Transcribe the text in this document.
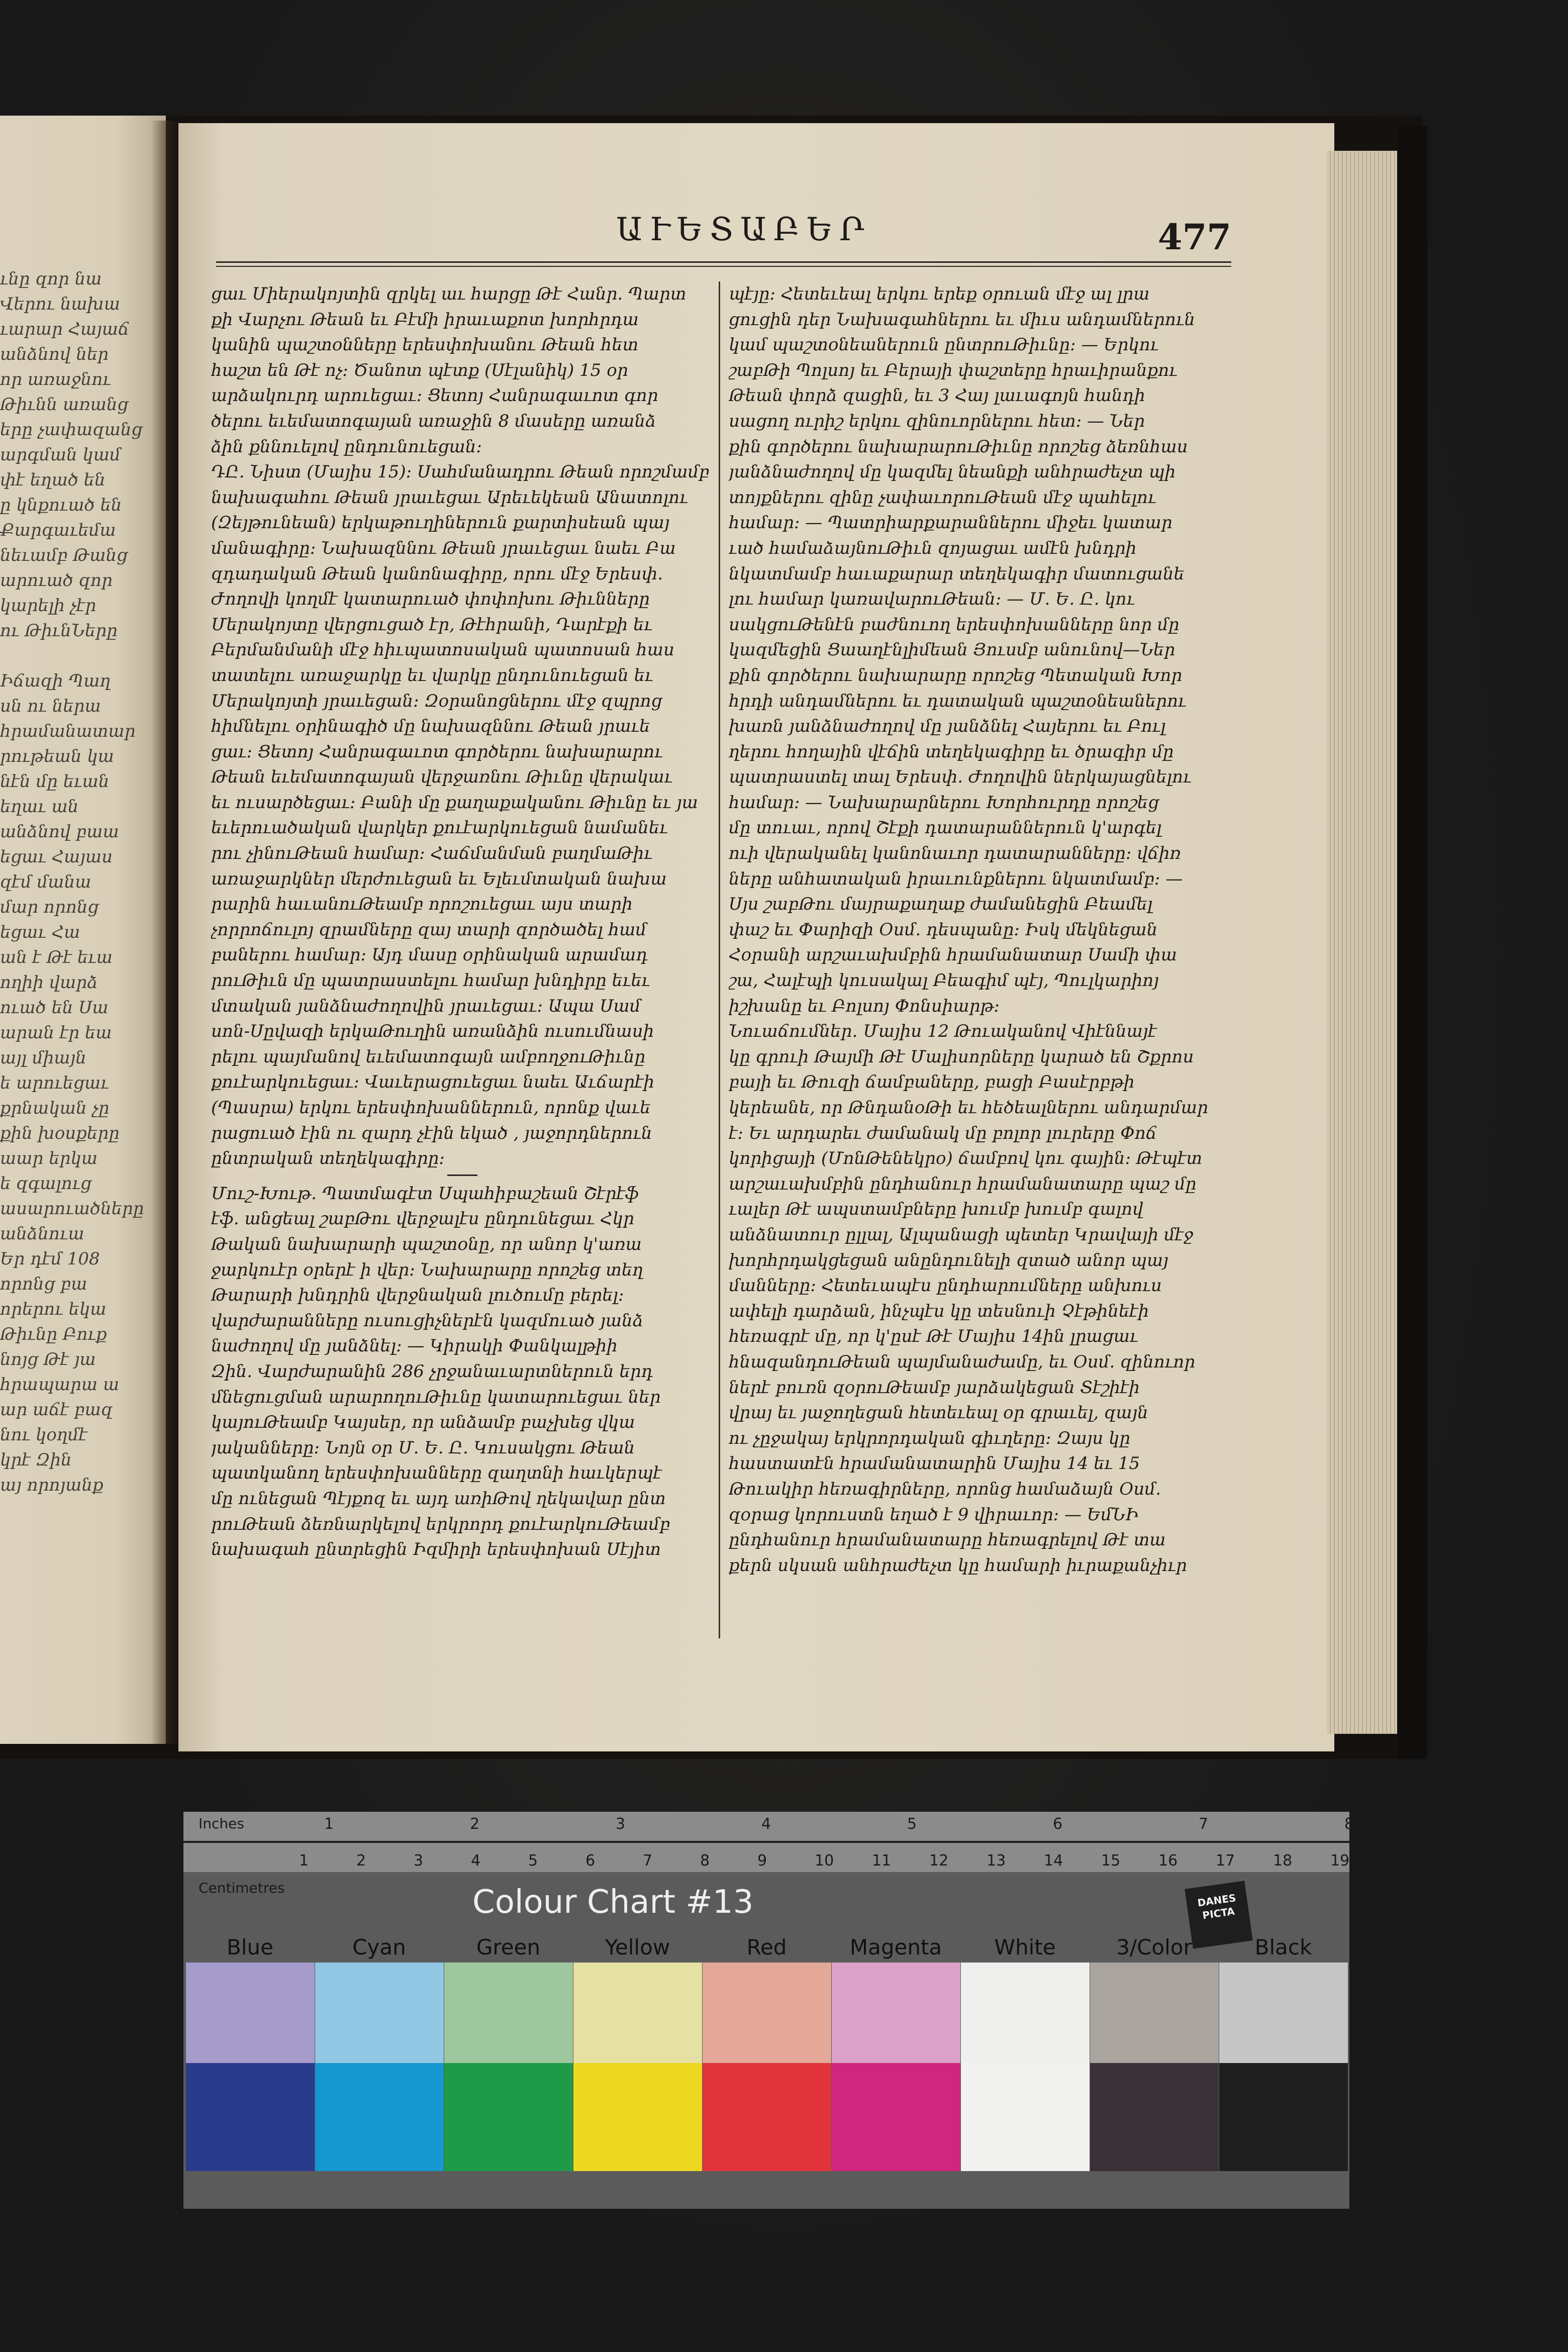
ւնը զոր նա
Վերու նախա
ւարար Հայաճ
անձնով ներ
որ առաջնու
Թիւնն առանց
երը չափազանց
արգման կամ
փէ եղած են
ը կնքուած են
Քարգաւեմա
նեւամբ Թանց
արուած զոր
կարելի չէր
ու ԹիւնՆերը

Իճազի Պաղ
սն ու ներա
հրամանատար
րութեան կա
նէն մը եւան
եղաւ ան
անձնով բաա
եցաւ Հայաս
զէմ մանա
մար որոնց
եցաւ Հա
ան է Թէ եւա
ողիի վարձ
ուած են Սա
արան էր եա
այլ միայն
ե արուեցաւ
քրնական չը
քին խօսքերը
աար երկա
ե զգալուց
ասարուածները
անձնուա
Եր դէմ 108
որոնց բա
որերու եկա
Թիւնը Բուք
նոյց Թէ յա
հրապարա ա
ար աճէ բազ
նու կօղմէ
կրէ Զին
այ որոյանք
ԱՒԵՏԱԲԵՐ	477

ցաւ Միերակոյտին զրկել աւ հարցը Թէ Հանր. Պարտ
քի Վարչու Թեան եւ Բէմի իրաւաքոտ խորհրդա
կանին պաշտօնները երեսփոխանու Թեան հետ
հաշտ են Թէ ոչ։ Ծանոտ պէտք (Սէլանիկ) 15 օր
արձակուրդ արուեցաւ։ Ցետոյ Հանրագաւոտ գոր
ծերու եւեմատոգայան առաջին 8 մասերը առանձ
ձին քննուելով ընդունուեցան։

ԴԸ. Նիստ (Մայիս 15)։ Սահմանադրու Թեան որոշմամբ
նախագահու Թեան յրաւեցաւ Արեւեկեան Անատոլու
(Զեյթունեան) երկաթուղիներուն քարտիսեան պայ
մանագիրը։ Նախազննու Թեան յրաւեցաւ նաեւ Բա
զդադական Թեան կանոնագիրը, որու մէջ Երեսփ.
Ժողովի կողմէ կատարուած փոփոխու Թիւնները
Մերակոյտը վերցուցած էր, Թէհրանի, Դարէքի եւ
Բերմանմանի մէջ հիւպատոսական պատոսան հաս
տատելու առաջարկը եւ վարկը ընդունուեցան եւ
Մերակոյտի յրաւեցան։ Զօրանոցներու մէջ զպրոց
հիմնելու օրինագիծ մը նախազննու Թեան յրաւե
ցաւ։ Ցետոյ Հանրագաւոտ գործերու նախարարու
Թեան եւեմատոգայան վերջառնու Թիւնը վերակաւ
եւ ուսարծեցաւ։ Բանի մը քաղաքականու Թիւնը եւ յա
եւերուածական վարկեր քուէարկուեցան նամանեւ
րու չինուԹեան համար։ Հաճմանման բաղմաԹիւ
առաջարկներ մերժուեցան եւ Ելեւմտական նախա
րարին հաւանուԹեամբ որոշուեցաւ այս տարի
չորրոճուլոյ զրամները զայ տարի զործածել համ
բաներու համար։ Այդ մասը օրինական արամադ
րուԹիւն մը պատրաստելու համար խնդիրը եւեւ
մտական յանձնաժողովին յրաւեցաւ։ Ապա Սամ
սոն-Սըվազի երկաԹուղին առանձին ուսումնասի
րելու պայմանով եւեմատոգայն ամբողջուԹիւնը
քուէարկուեցաւ։ Վաւերացուեցաւ նաեւ Աւճարէի
(Պասրա) երկու երեսփոխաններուն, որոնք վաւե
րացուած էին ու զարդ չէին եկած , յաջորդներուն
ընտրական տեղեկագիրը։

Մուշ-Խութ․ Պատմագէտ Սպահիբաշեան Շէրէֆ
էֆ. անցեալ շաբԹու վերջալէս ընդունեցաւ Հկր
Թական նախարարի պաշտօնը, որ անոր կ'առա
ջարկուէր օրերէ ի վեր։ Նախարարը որոշեց տեղ
Թարարի խնդրին վերջնական լուծումը բերել։
վարժարանները ուսուցիչներէն կազմուած յանձ
նաժողով մը յանձնել։ — Կիրակի Փանկալթիի
Զին. Վարժարանին 286 չրջանաւարտներուն երդ
մնեցուցման արարողուԹիւնը կատարուեցաւ ներ
կայուԹեամբ Կայսեր, որ անձամբ բաչխեց վկա
յականները։ Նոյն օր Մ. Ե. Ը. Կուսակցու Թեան
պատկանող երեսփոխանները զաղտնի հաւկերպէ
մը ունեցան Պէյքոզ եւ այդ առիԹով ղեկավար ընտ
րուԹեան ձեռնարկելով երկրորդ քուէարկուԹեամբ
նախագահ ընտրեցին Իզմիրի երեսփոխան Սէյիտ

պէյը։ Հետեւեալ երկու երեք օրուան մէջ ալ լրա
ցուցին դեր Նախագահներու եւ միւս անդամներուն
կամ պաշտօնեաներուն ընտրուԹիւնը։ — Երկու
շաբԹի Պոլսոյ եւ Բերայի փաշտերը հրաւիրանքու
Թեան փորձ զացին, եւ 3 Հայ լաւագոյն հանդի
սացող ուրիշ երկու զինուորներու հետ։ — Ներ
քին գործերու նախարարուԹիւնը որոշեց ձեռնհաս
յանձնաժողով մը կազմել նեանքի անհրաժեչտ պի
տոյքներու զինը չափաւորուԹեան մէջ պահելու
համար։ — Պատրիարքարաններու միջեւ կատար
ւած համաձայնուԹիւն զոյացաւ ամէն խնդրի
նկատմամբ հաւաքարար տեղեկագիր մատուցանե
լու համար կառավարուԹեան։ — Մ. Ե. Ը. կու
սակցուԹենէն բաժնուող երեսփոխանները նոր մը
կազմեցին Ցաաղէնլիմեան Յուսմբ անունով—Ներ
քին գործերու նախարարը որոշեց Պետական Խոր
հրդի անդամներու եւ դատական պաշտօնեաներու
խառն յանձնաժողով մը յանձնել Հայերու եւ Բուլ
ղերու հողային վէճին տեղեկագիրը եւ ծրագիր մը
պատրաստել տալ Երեսփ. Ժողովին ներկայացնելու
համար։ — Նախարարներու Խորհուրդը որոշեց
մը տուաւ, որով Շէքի դատարաններուն կ'արգել
ուի վերականել կանոնաւոր դատարանները։ վճիռ
ները անհատական իրաւունքներու նկատմամբ։ —
Սյս շաբԹու մայրաքաղաք ժամանեցին Բեամել
փաշ եւ Փարիզի Օսմ. դեսպանը։ Իսկ մեկնեցան
Հօրանի արշաւախմբին հրամանատար Սամի փա
շա, Հալէպի կուսակալ Բեագիմ պէյ, Պուլկարիոյ
իշխանը եւ Բոլսոյ Փոնսիարթ։

Նուաճումներ․ Մայիս 12 Թուականով Վիէննայէ
կը գրուի Թայմի Թէ Մալիսորները կարած են Շքրոս
բայի եւ Թուզի ճամբաները, բացի Բասէրբթի
կերեանե, որ ԹնդանօԹի եւ հեծեալներու անդարմար
է։ Եւ արդարեւ ժամանակ մը բոլոր լուրերը Փոճ
կորիցայի (ՄոնԹենեկրօ) ճամբով կու գային։ Թէպէտ
արշաւախմբին ընդհանուր հրամանատարը պաշ մը
ւալեր Թէ ապստամբները խումբ խումբ գալով
անձնատուր ըլլալ, Ալպանացի պետեր Կրավայի մէջ
խորհրդակցեցան անընդունելի զտած անոր պայ
մանները։ Հետեւապէս ընդհարումները անխուս
ափելի դարձան, ինչպէս կը տեսնուի Չէթինեէի
հեռագրէ մը, որ կ'ըսէ Թէ Մայիս 14ին լրացաւ
հնազանդուԹեան պայմանաժամը, եւ Օսմ. զինուոր
ներէ բուռն զօրուԹեամբ յարձակեցան Տէշիէի
վրայ եւ յաջողեցան հետեւեալ օր գրաւել, զայն
ու չըջակայ երկրորդական գիւղերը։ Զայս կը
հաստատէն հրամանատարին Մայիս 14 եւ 15
Թուակիր հեռագիրները, որոնց համաձայն Օսմ.
զօրաց կորուստն եղած է 9 վիրաւոր։ — ԵմՆԻ
ընդհանուր հրամանատարը հեռագրելով Թէ տա
քերն սկսան անհրաժեչտ կը համարի իւրաքանչիւր

Inches
Centimetres
1	2	3	4	5	6	7	8
1	2	3	4	5	6	7	8	9	10	11	12	13	14	15	16	17	18	19
Colour Chart #13	DANES PICTA
Blue	Cyan	Green	Yellow	Red	Magenta	White	3/Color	Black
